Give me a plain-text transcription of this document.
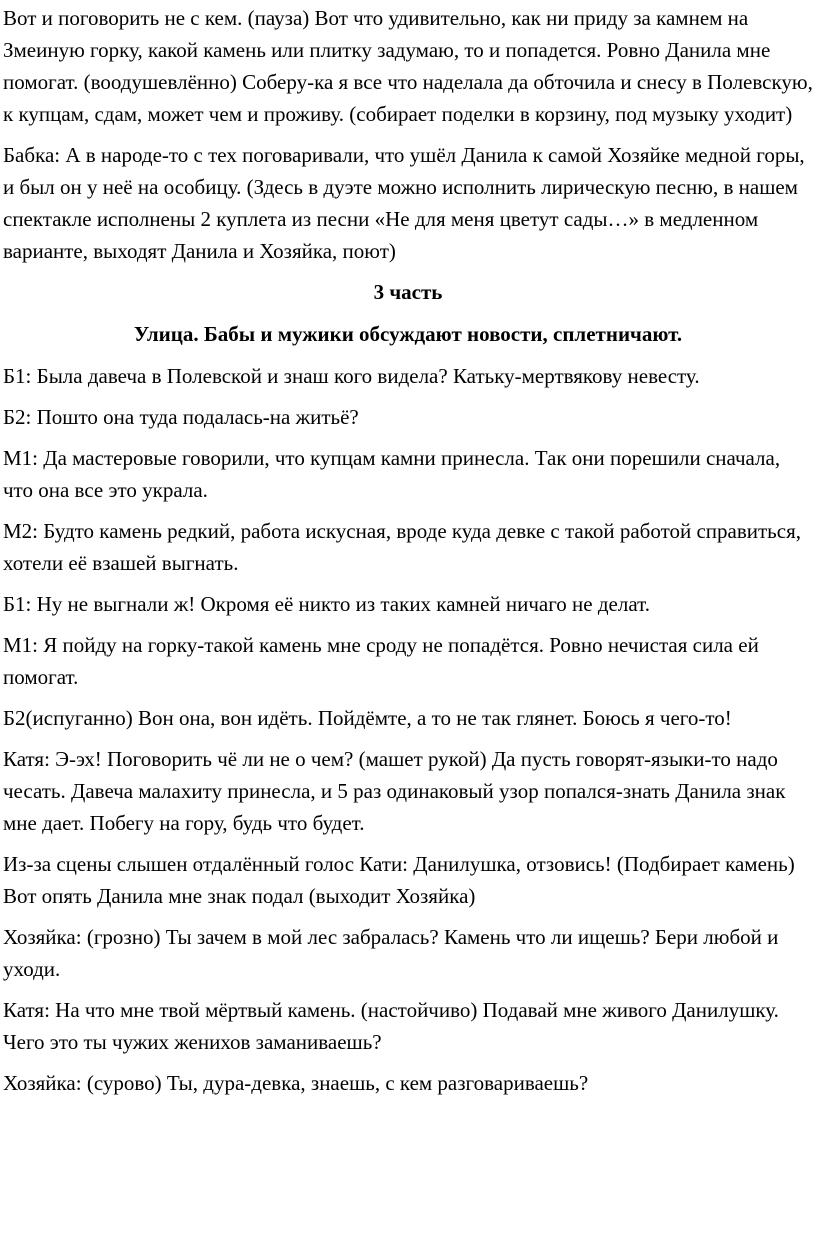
Вот и поговорить не с кем. (пауза) Вот что удивительно, как ни приду за камнем на Змеиную горку, какой камень или плитку задумаю, то и попадется. Ровно Данила мне помогат. (воодушевлённо) Соберу-ка я все что наделала да обточила и снесу в Полевскую, к купцам, сдам, может чем и проживу. (собирает поделки в корзину, под музыку уходит)

Бабка: А в народе-то с тех поговаривали, что ушёл Данила к самой Хозяйке медной горы, и был он у неё на особицу. (Здесь в дуэте можно исполнить лирическую песню, в нашем спектакле исполнены 2 куплета из песни «Не для меня цветут сады…» в медленном варианте, выходят Данила и Хозяйка, поют)

3 часть

Улица. Бабы и мужики обсуждают новости, сплетничают.

Б1: Была давеча в Полевской и знаш кого видела? Катьку-мертвякову невесту.

Б2: Пошто она туда подалась-на житьё?

М1: Да мастеровые говорили, что купцам камни принесла. Так они порешили сначала, что она все это украла.

М2: Будто камень редкий, работа искусная, вроде куда девке с такой работой справиться, хотели её взашей выгнать.

Б1: Ну не выгнали ж! Окромя её никто из таких камней ничаго не делат.

М1: Я пойду на горку-такой камень мне сроду не попадётся. Ровно нечистая сила ей помогат.

Б2(испуганно) Вон она, вон идёть. Пойдёмте, а то не так глянет. Боюсь я чего-то!

Катя: Э-эх! Поговорить чё ли не о чем? (машет рукой) Да пусть говорят-языки-то надо чесать. Давеча малахиту принесла, и 5 раз одинаковый узор попался-знать Данила знак мне дает. Побегу на гору, будь что будет.

Из-за сцены слышен отдалённый голос Кати: Данилушка, отзовись! (Подбирает камень) Вот опять Данила мне знак подал (выходит Хозяйка)

Хозяйка: (грозно) Ты зачем в мой лес забралась? Камень что ли ищешь? Бери любой и уходи.

Катя: На что мне твой мёртвый камень. (настойчиво) Подавай мне живого Данилушку. Чего это ты чужих женихов заманиваешь?

Хозяйка: (сурово) Ты, дура-девка, знаешь, с кем разговариваешь?
